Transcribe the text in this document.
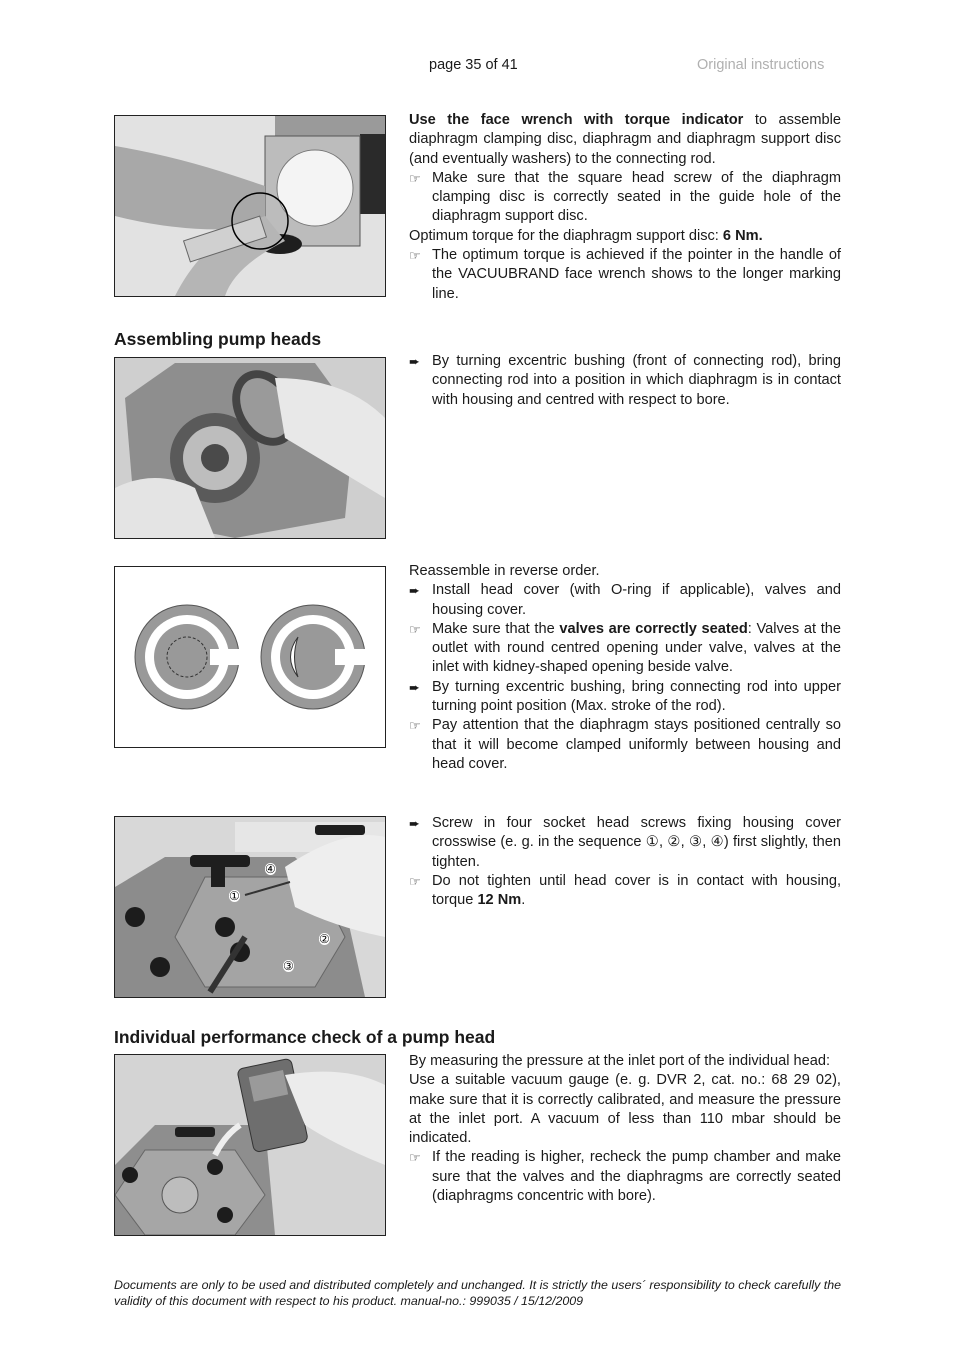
page 35 of 41	Original instructions

Use the face wrench with torque indicator to assemble diaphragm clamping disc, diaphragm and diaphragm support disc (and eventually washers) to the connecting rod.

☞ Make sure that the square head screw of the diaphragm clamping disc is correctly seated in the guide hole of the diaphragm support disc.

Optimum torque for the diaphragm support disc: 6 Nm.

☞ The optimum torque is achieved if the pointer in the handle of the VACUUBRAND face wrench shows to the longer marking line.
Assembling pump heads
➨ By turning excentric bushing (front of connecting rod), bring connecting rod into a position in which diaphragm is in contact with housing and centred with respect to bore.

Reassemble in reverse order.

➨ Install head cover (with O-ring if applicable), valves and housing cover.
☞ Make sure that the valves are correctly seated: Valves at the outlet with round centred opening under valve, valves at the inlet with kidney-shaped opening beside valve.
➨ By turning excentric bushing, bring connecting rod into upper turning point position (Max. stroke of the rod).
☞ Pay attention that the diaphragm stays positioned centrally so that it will become clamped uniformly between housing and head cover.
①
②
③
④
➨ Screw in four socket head screws fixing housing cover crosswise (e. g. in the sequence ①, ②, ③, ④) first slightly, then tighten.
☞ Do not tighten until head cover is in contact with housing, torque 12 Nm.
Individual performance check of a pump head

By measuring the pressure at the inlet port of the individual head:

Use a suitable vacuum gauge (e. g. DVR 2, cat. no.: 68 29 02), make sure that it is correctly calibrated, and measure the pressure at the inlet port. A vacuum of less than 110 mbar should be indicated.

☞ If the reading is higher, recheck the pump chamber and make sure that the valves and the diaphragms are correctly seated (diaphragms concentric with bore).
Documents are only to be used and distributed completely and unchanged. It is strictly the users´ responsibility to check carefully the validity of this document with respect to his product. manual-no.: 999035 / 15/12/2009
